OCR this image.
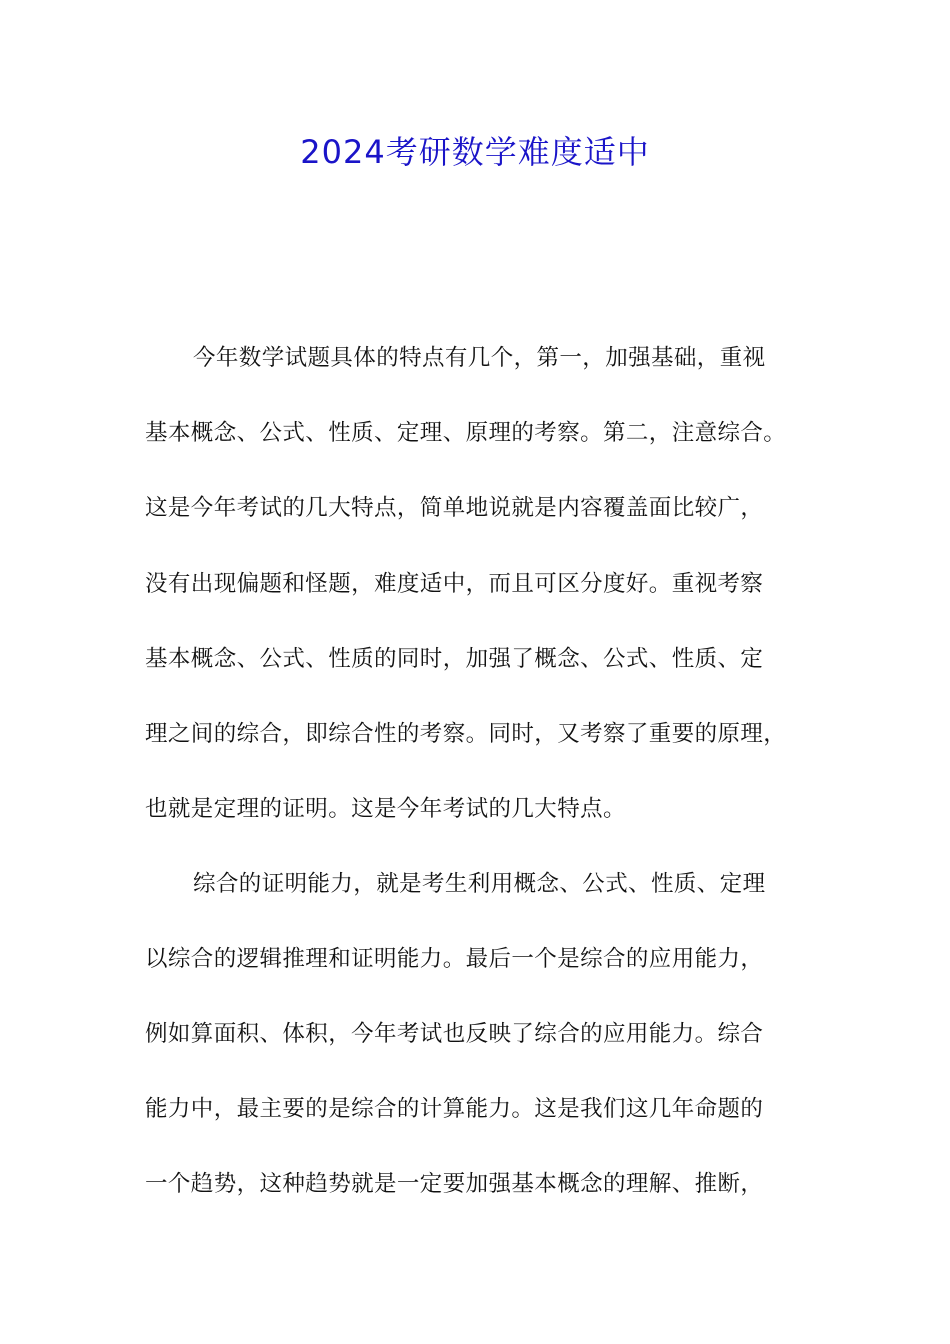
2024考研数学难度适中
今年数学试题具体的特点有几个，第一，加强基础，重视
基本概念、公式、性质、定理、原理的考察。第二，注意综合。
这是今年考试的几大特点，简单地说就是内容覆盖面比较广，
没有出现偏题和怪题，难度适中，而且可区分度好。重视考察
基本概念、公式、性质的同时，加强了概念、公式、性质、定
理之间的综合，即综合性的考察。同时，又考察了重要的原理，
也就是定理的证明。这是今年考试的几大特点。
综合的证明能力，就是考生利用概念、公式、性质、定理
以综合的逻辑推理和证明能力。最后一个是综合的应用能力，
例如算面积、体积，今年考试也反映了综合的应用能力。综合
能力中，最主要的是综合的计算能力。这是我们这几年命题的
一个趋势，这种趋势就是一定要加强基本概念的理解、推断，
